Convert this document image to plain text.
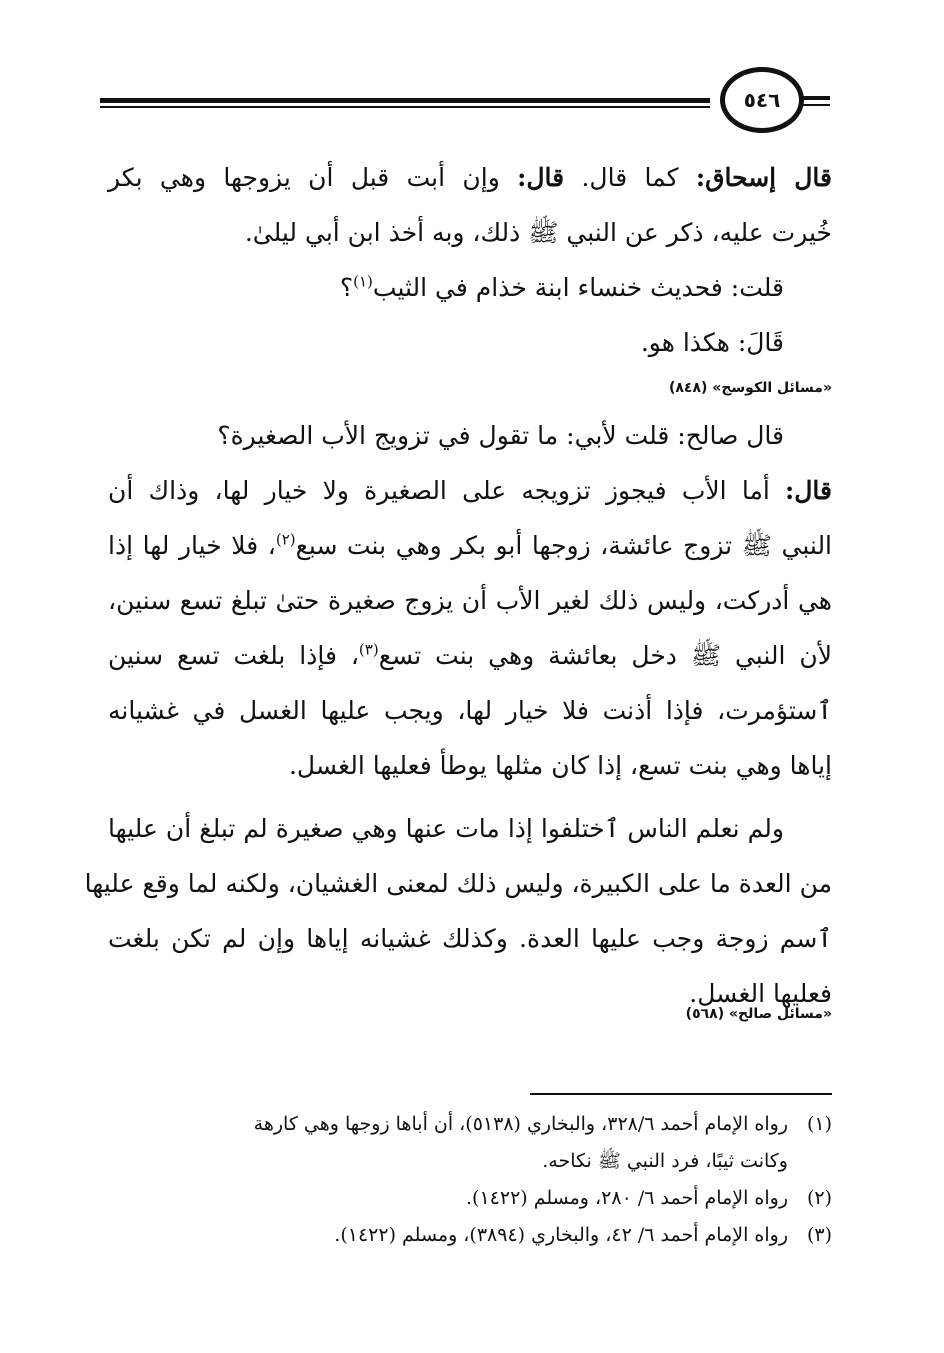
٥٤٦
قال إسحاق: كما قال. قال: وإن أبت قبل أن يزوجها وهي بكر
خُيرت عليه، ذكر عن النبي ﷺ ذلك، وبه أخذ ابن أبي ليلىٰ.
قلت: فحديث خنساء ابنة خذام في الثيب$^{(١)}$؟
قَالَ: هكذا هو.
«مسائل الكوسج» (٨٤٨)
قال صالح: قلت لأبي: ما تقول في تزويج الأب الصغيرة؟
قال: أما الأب فيجوز تزويجه على الصغيرة ولا خيار لها، وذاك أن
النبي ﷺ تزوج عائشة، زوجها أبو بكر وهي بنت سبع$^{(٢)}$، فلا خيار لها إذا
هي أدركت، وليس ذلك لغير الأب أن يزوج صغيرة حتىٰ تبلغ تسع سنين،
لأن النبي ﷺ دخل بعائشة وهي بنت تسع$^{(٣)}$، فإذا بلغت تسع سنين
ٱستؤمرت، فإذا أذنت فلا خيار لها، ويجب عليها الغسل في غشيانه
إياها وهي بنت تسع، إذا كان مثلها يوطأ فعليها الغسل.
ولم نعلم الناس ٱختلفوا إذا مات عنها وهي صغيرة لم تبلغ أن عليها
من العدة ما على الكبيرة، وليس ذلك لمعنى الغشيان، ولكنه لما وقع عليها
ٱسم زوجة وجب عليها العدة. وكذلك غشيانه إياها وإن لم تكن بلغت
فعليها الغسل.
«مسائل صالح» (٥٦٨)
(١)رواه الإمام أحمد ٣٢٨/٦، والبخاري (٥١٣٨)، أن أباها زوجها وهي كارهة
وكانت ثيبًا، فرد النبي ﷺ نكاحه.
(٢)رواه الإمام أحمد ٦/ ٢٨٠، ومسلم (١٤٢٢).
(٣)رواه الإمام أحمد ٦/ ٤٢، والبخاري (٣٨٩٤)، ومسلم (١٤٢٢).
